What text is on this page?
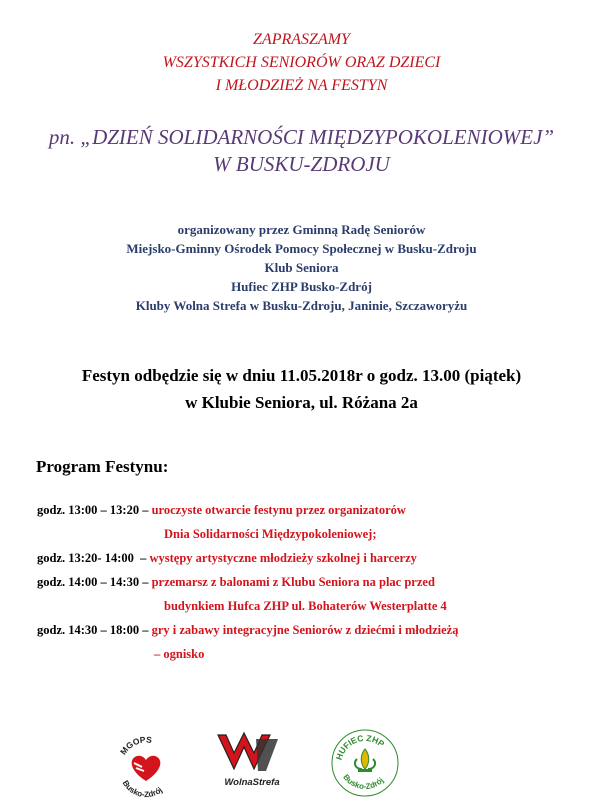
ZAPRASZAMY
WSZYSTKICH SENIORÓW ORAZ DZIECI
I MŁODZIEŻ NA FESTYN
pn. „DZIEŃ SOLIDARNOŚCI MIĘDZYPOKOLENIOWEJ”
W BUSKU-ZDROJU
organizowany przez Gminną Radę Seniorów
Miejsko-Gminny Ośrodek Pomocy Społecznej w Busku-Zdroju
Klub Seniora
Hufiec ZHP Busko-Zdrój
Kluby Wolna Strefa w Busku-Zdroju, Janinie, Szczaworyżu
Festyn odbędzie się w dniu 11.05.2018r o godz. 13.00 (piątek)
w Klubie Seniora, ul. Różana 2a
Program Festynu:
godz. 13:00 – 13:20 – uroczyste otwarcie festynu przez organizatorów
Dnia Solidarności Międzypokoleniowej;
godz. 13:20- 14:00  – występy artystyczne młodzieży szkolnej i harcerzy
godz. 14:00 – 14:30 – przemarsz z balonami z Klubu Seniora na plac przed
budynkiem Hufca ZHP ul. Bohaterów Westerplatte 4
godz. 14:30 – 18:00 – gry i zabawy integracyjne Seniorów z dziećmi i młodzieżą
– ognisko
MGOPS
Busko-Zdrój
WolnaStrefa
HUFIEC ZHP
Busko-Zdrój
